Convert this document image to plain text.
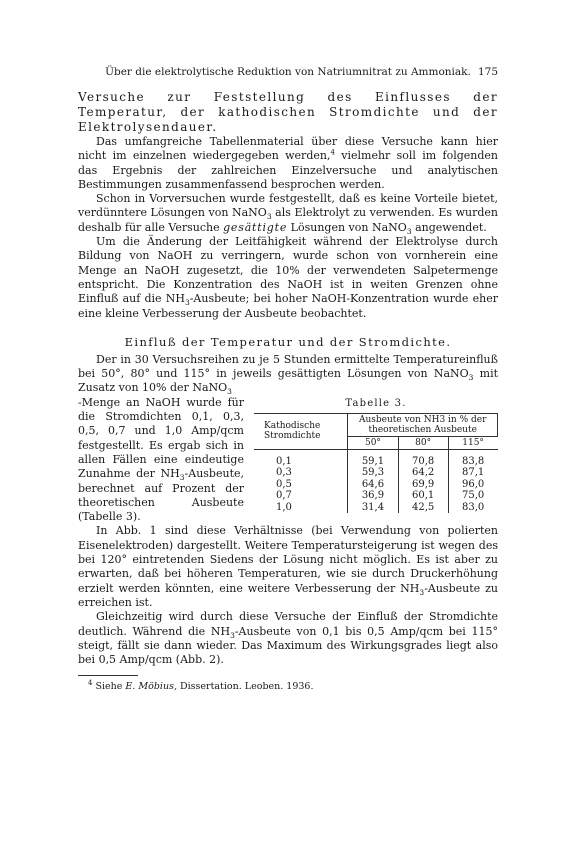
Über die elektrolytische Reduktion von Natriumnitrat zu Ammoniak. 175
Versuche zur Feststellung des Einflusses der Temperatur, der kathodischen Stromdichte und der Elektrolysendauer.

Das umfangreiche Tabellenmaterial über diese Versuche kann hier nicht im einzelnen wiedergegeben werden,$^4$ vielmehr soll im folgenden das Ergebnis der zahlreichen Einzelversuche und analytischen Bestimmungen zusammenfassend besprochen werden.

Schon in Vorversuchen wurde festgestellt, daß es keine Vorteile bietet, verdünntere Lösungen von NaNO$_3$ als Elektrolyt zu verwenden. Es wurden deshalb für alle Versuche gesättigte Lösungen von NaNO$_3$ angewendet.

Um die Änderung der Leitfähigkeit während der Elektrolyse durch Bildung von NaOH zu verringern, wurde schon von vornherein eine Menge an NaOH zugesetzt, die 10% der verwendeten Salpetermenge entspricht. Die Konzentration des NaOH ist in weiten Grenzen ohne Einfluß auf die $NH_3$-Ausbeute; bei hoher NaOH-Konzentration wurde eher eine kleine Verbesserung der Ausbeute beobachtet.

Einfluß der Temperatur und der Stromdichte.

Der in 30 Versuchsreihen zu je 5 Stunden ermittelte Temperatureinfluß bei 50°, 80° und 115° in jeweils gesättigten Lösungen von NaNO$_3$ mit Zusatz von 10% der NaNO$_3$

Tabelle 3.
Kathodische Stromdichte	Ausbeute von NH3 in % der theoretischen Ausbeute		
	50°	80°	115°
0,1	59,1	70,8	83,8
0,3	59,3	64,2	87,1
0,5	64,6	69,9	96,0
0,7	36,9	60,1	75,0
1,0	31,4	42,5	83,0

-Menge an NaOH wurde für die Stromdichten 0,1, 0,3, 0,5, 0,7 und 1,0 Amp/qcm festgestellt. Es ergab sich in allen Fällen eine eindeutige Zunahme der $NH_3$-Ausbeute, berechnet auf Prozent der theoretischen Ausbeute (Tabelle 3).

In Abb. 1 sind diese Verhältnisse (bei Verwendung von polierten Eisenelektroden) dargestellt. Weitere Temperatursteigerung ist wegen des bei 120° eintretenden Siedens der Lösung nicht möglich. Es ist aber zu erwarten, daß bei höheren Temperaturen, wie sie durch Druckerhöhung erzielt werden könnten, eine weitere Verbesserung der $NH_3$-Ausbeute zu erreichen ist.

Gleichzeitig wird durch diese Versuche der Einfluß der Stromdichte deutlich. Während die $NH_3$-Ausbeute von 0,1 bis 0,5 Amp/qcm bei 115° steigt, fällt sie dann wieder. Das Maximum des Wirkungsgrades liegt also bei 0,5 Amp/qcm (Abb. 2).

$^4$ Siehe E. Möbius, Dissertation. Leoben. 1936.
